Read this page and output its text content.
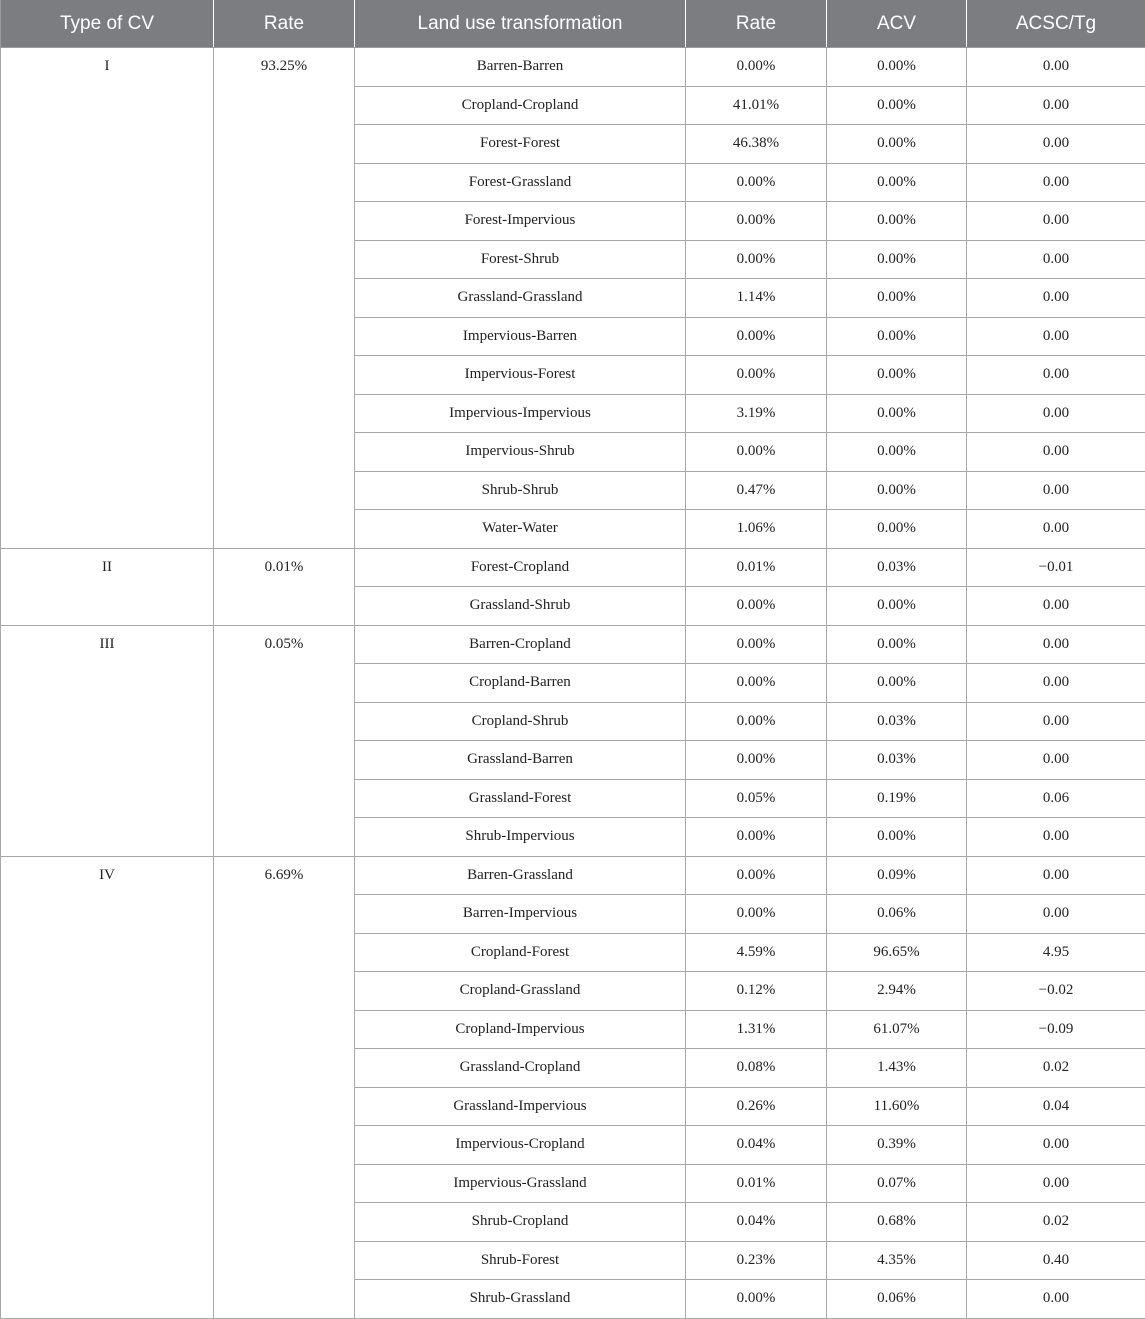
Type of CV	Rate	Land use transformation	Rate	ACV	ACSC/Tg
I	93.25%	Barren-Barren	0.00%	0.00%	0.00
		Cropland-Cropland	41.01%	0.00%	0.00
		Forest-Forest	46.38%	0.00%	0.00
		Forest-Grassland	0.00%	0.00%	0.00
		Forest-Impervious	0.00%	0.00%	0.00
		Forest-Shrub	0.00%	0.00%	0.00
		Grassland-Grassland	1.14%	0.00%	0.00
		Impervious-Barren	0.00%	0.00%	0.00
		Impervious-Forest	0.00%	0.00%	0.00
		Impervious-Impervious	3.19%	0.00%	0.00
		Impervious-Shrub	0.00%	0.00%	0.00
		Shrub-Shrub	0.47%	0.00%	0.00
		Water-Water	1.06%	0.00%	0.00
II	0.01%	Forest-Cropland	0.01%	0.03%	−0.01
		Grassland-Shrub	0.00%	0.00%	0.00
III	0.05%	Barren-Cropland	0.00%	0.00%	0.00
		Cropland-Barren	0.00%	0.00%	0.00
		Cropland-Shrub	0.00%	0.03%	0.00
		Grassland-Barren	0.00%	0.03%	0.00
		Grassland-Forest	0.05%	0.19%	0.06
		Shrub-Impervious	0.00%	0.00%	0.00
IV	6.69%	Barren-Grassland	0.00%	0.09%	0.00
		Barren-Impervious	0.00%	0.06%	0.00
		Cropland-Forest	4.59%	96.65%	4.95
		Cropland-Grassland	0.12%	2.94%	−0.02
		Cropland-Impervious	1.31%	61.07%	−0.09
		Grassland-Cropland	0.08%	1.43%	0.02
		Grassland-Impervious	0.26%	11.60%	0.04
		Impervious-Cropland	0.04%	0.39%	0.00
		Impervious-Grassland	0.01%	0.07%	0.00
		Shrub-Cropland	0.04%	0.68%	0.02
		Shrub-Forest	0.23%	4.35%	0.40
		Shrub-Grassland	0.00%	0.06%	0.00
